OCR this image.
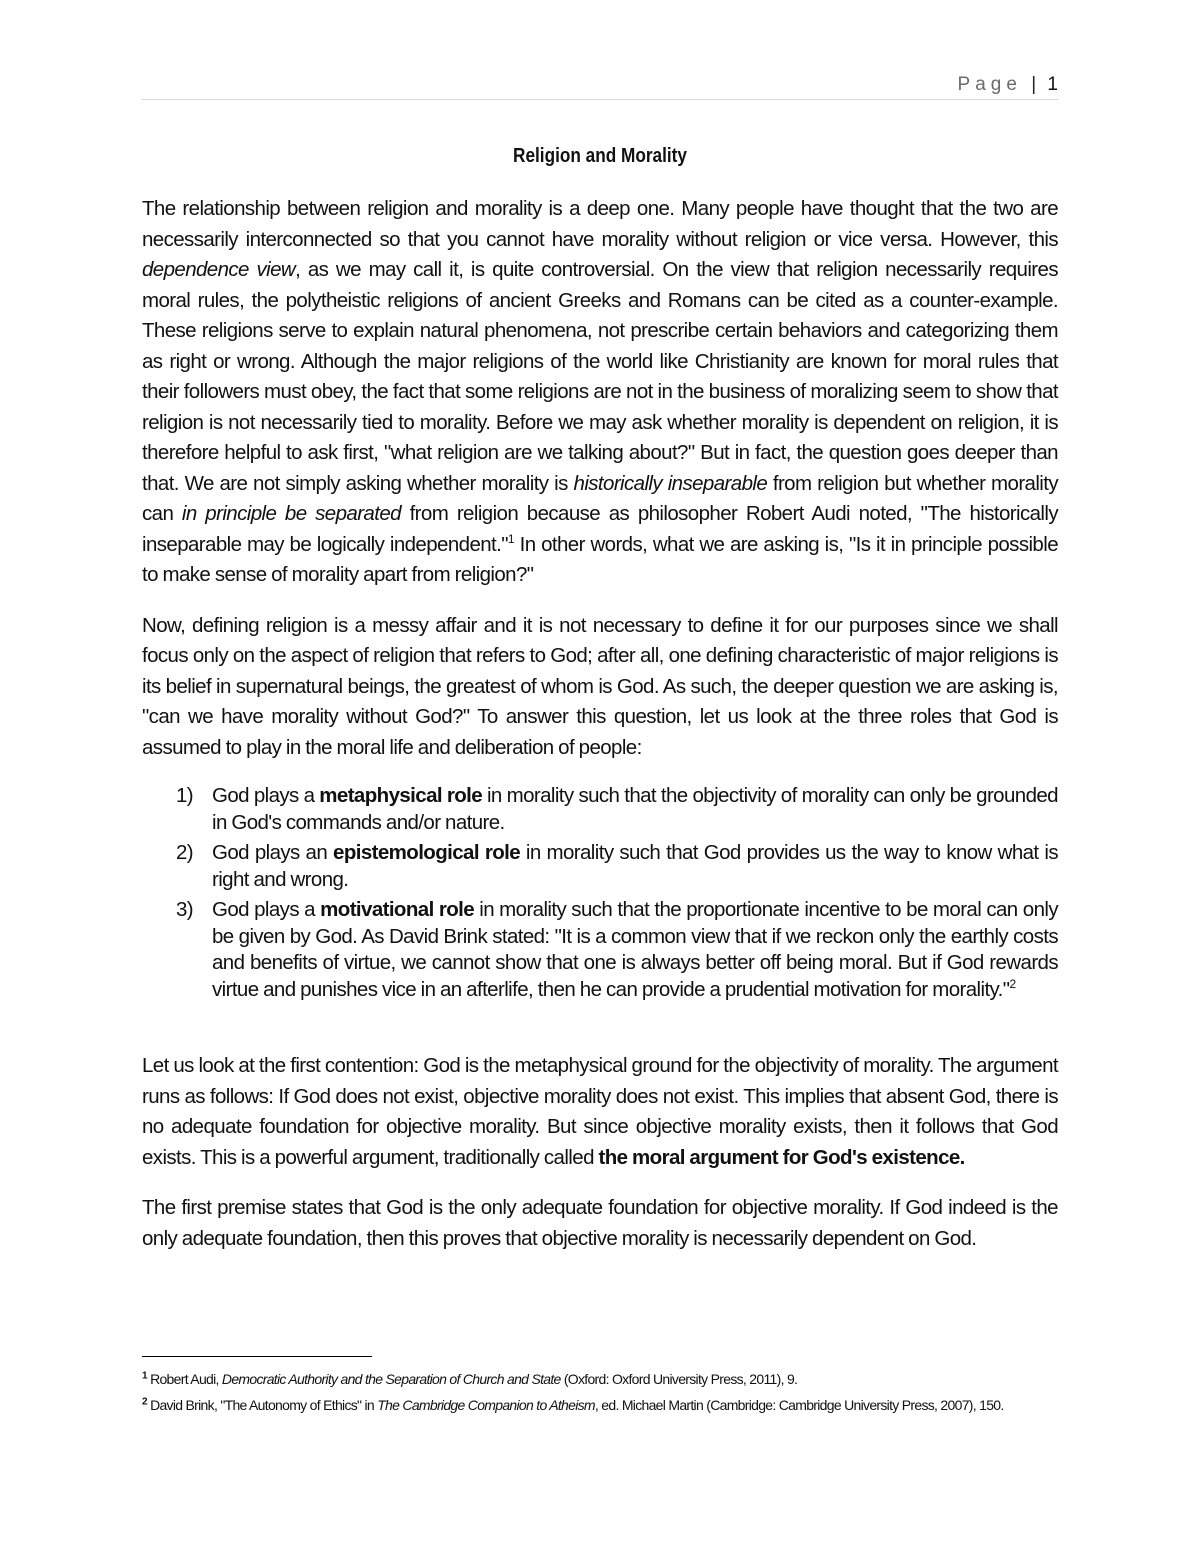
Page | 1
Religion and Morality

The relationship between religion and morality is a deep one. Many people have thought that the two are necessarily interconnected so that you cannot have morality without religion or vice versa. However, this dependence view, as we may call it, is quite controversial. On the view that religion necessarily requires moral rules, the polytheistic religions of ancient Greeks and Romans can be cited as a counter-example. These religions serve to explain natural phenomena, not prescribe certain behaviors and categorizing them as right or wrong. Although the major religions of the world like Christianity are known for moral rules that their followers must obey, the fact that some religions are not in the business of moralizing seem to show that religion is not necessarily tied to morality. Before we may ask whether morality is dependent on religion, it is therefore helpful to ask first, "what religion are we talking about?" But in fact, the question goes deeper than that. We are not simply asking whether morality is historically inseparable from religion but whether morality can in principle be separated from religion because as philosopher Robert Audi noted, "The historically inseparable may be logically independent."$^1$ In other words, what we are asking is, "Is it in principle possible to make sense of morality apart from religion?"

Now, defining religion is a messy affair and it is not necessary to define it for our purposes since we shall focus only on the aspect of religion that refers to God; after all, one defining characteristic of major religions is its belief in supernatural beings, the greatest of whom is God. As such, the deeper question we are asking is, "can we have morality without God?" To answer this question, let us look at the three roles that God is assumed to play in the moral life and deliberation of people:

1) God plays a metaphysical role in morality such that the objectivity of morality can only be grounded in God's commands and/or nature.
2) God plays an epistemological role in morality such that God provides us the way to know what is right and wrong.
3) God plays a motivational role in morality such that the proportionate incentive to be moral can only be given by God. As David Brink stated: "It is a common view that if we reckon only the earthly costs and benefits of virtue, we cannot show that one is always better off being moral. But if God rewards virtue and punishes vice in an afterlife, then he can provide a prudential motivation for morality."$^2$

Let us look at the first contention: God is the metaphysical ground for the objectivity of morality. The argument runs as follows: If God does not exist, objective morality does not exist. This implies that absent God, there is no adequate foundation for objective morality. But since objective morality exists, then it follows that God exists. This is a powerful argument, traditionally called the moral argument for God's existence.

The first premise states that God is the only adequate foundation for objective morality. If God indeed is the only adequate foundation, then this proves that objective morality is necessarily dependent on God.

$^1$ Robert Audi, Democratic Authority and the Separation of Church and State (Oxford: Oxford University Press, 2011), 9.
$^2$ David Brink, "The Autonomy of Ethics" in The Cambridge Companion to Atheism, ed. Michael Martin (Cambridge: Cambridge University Press, 2007), 150.
